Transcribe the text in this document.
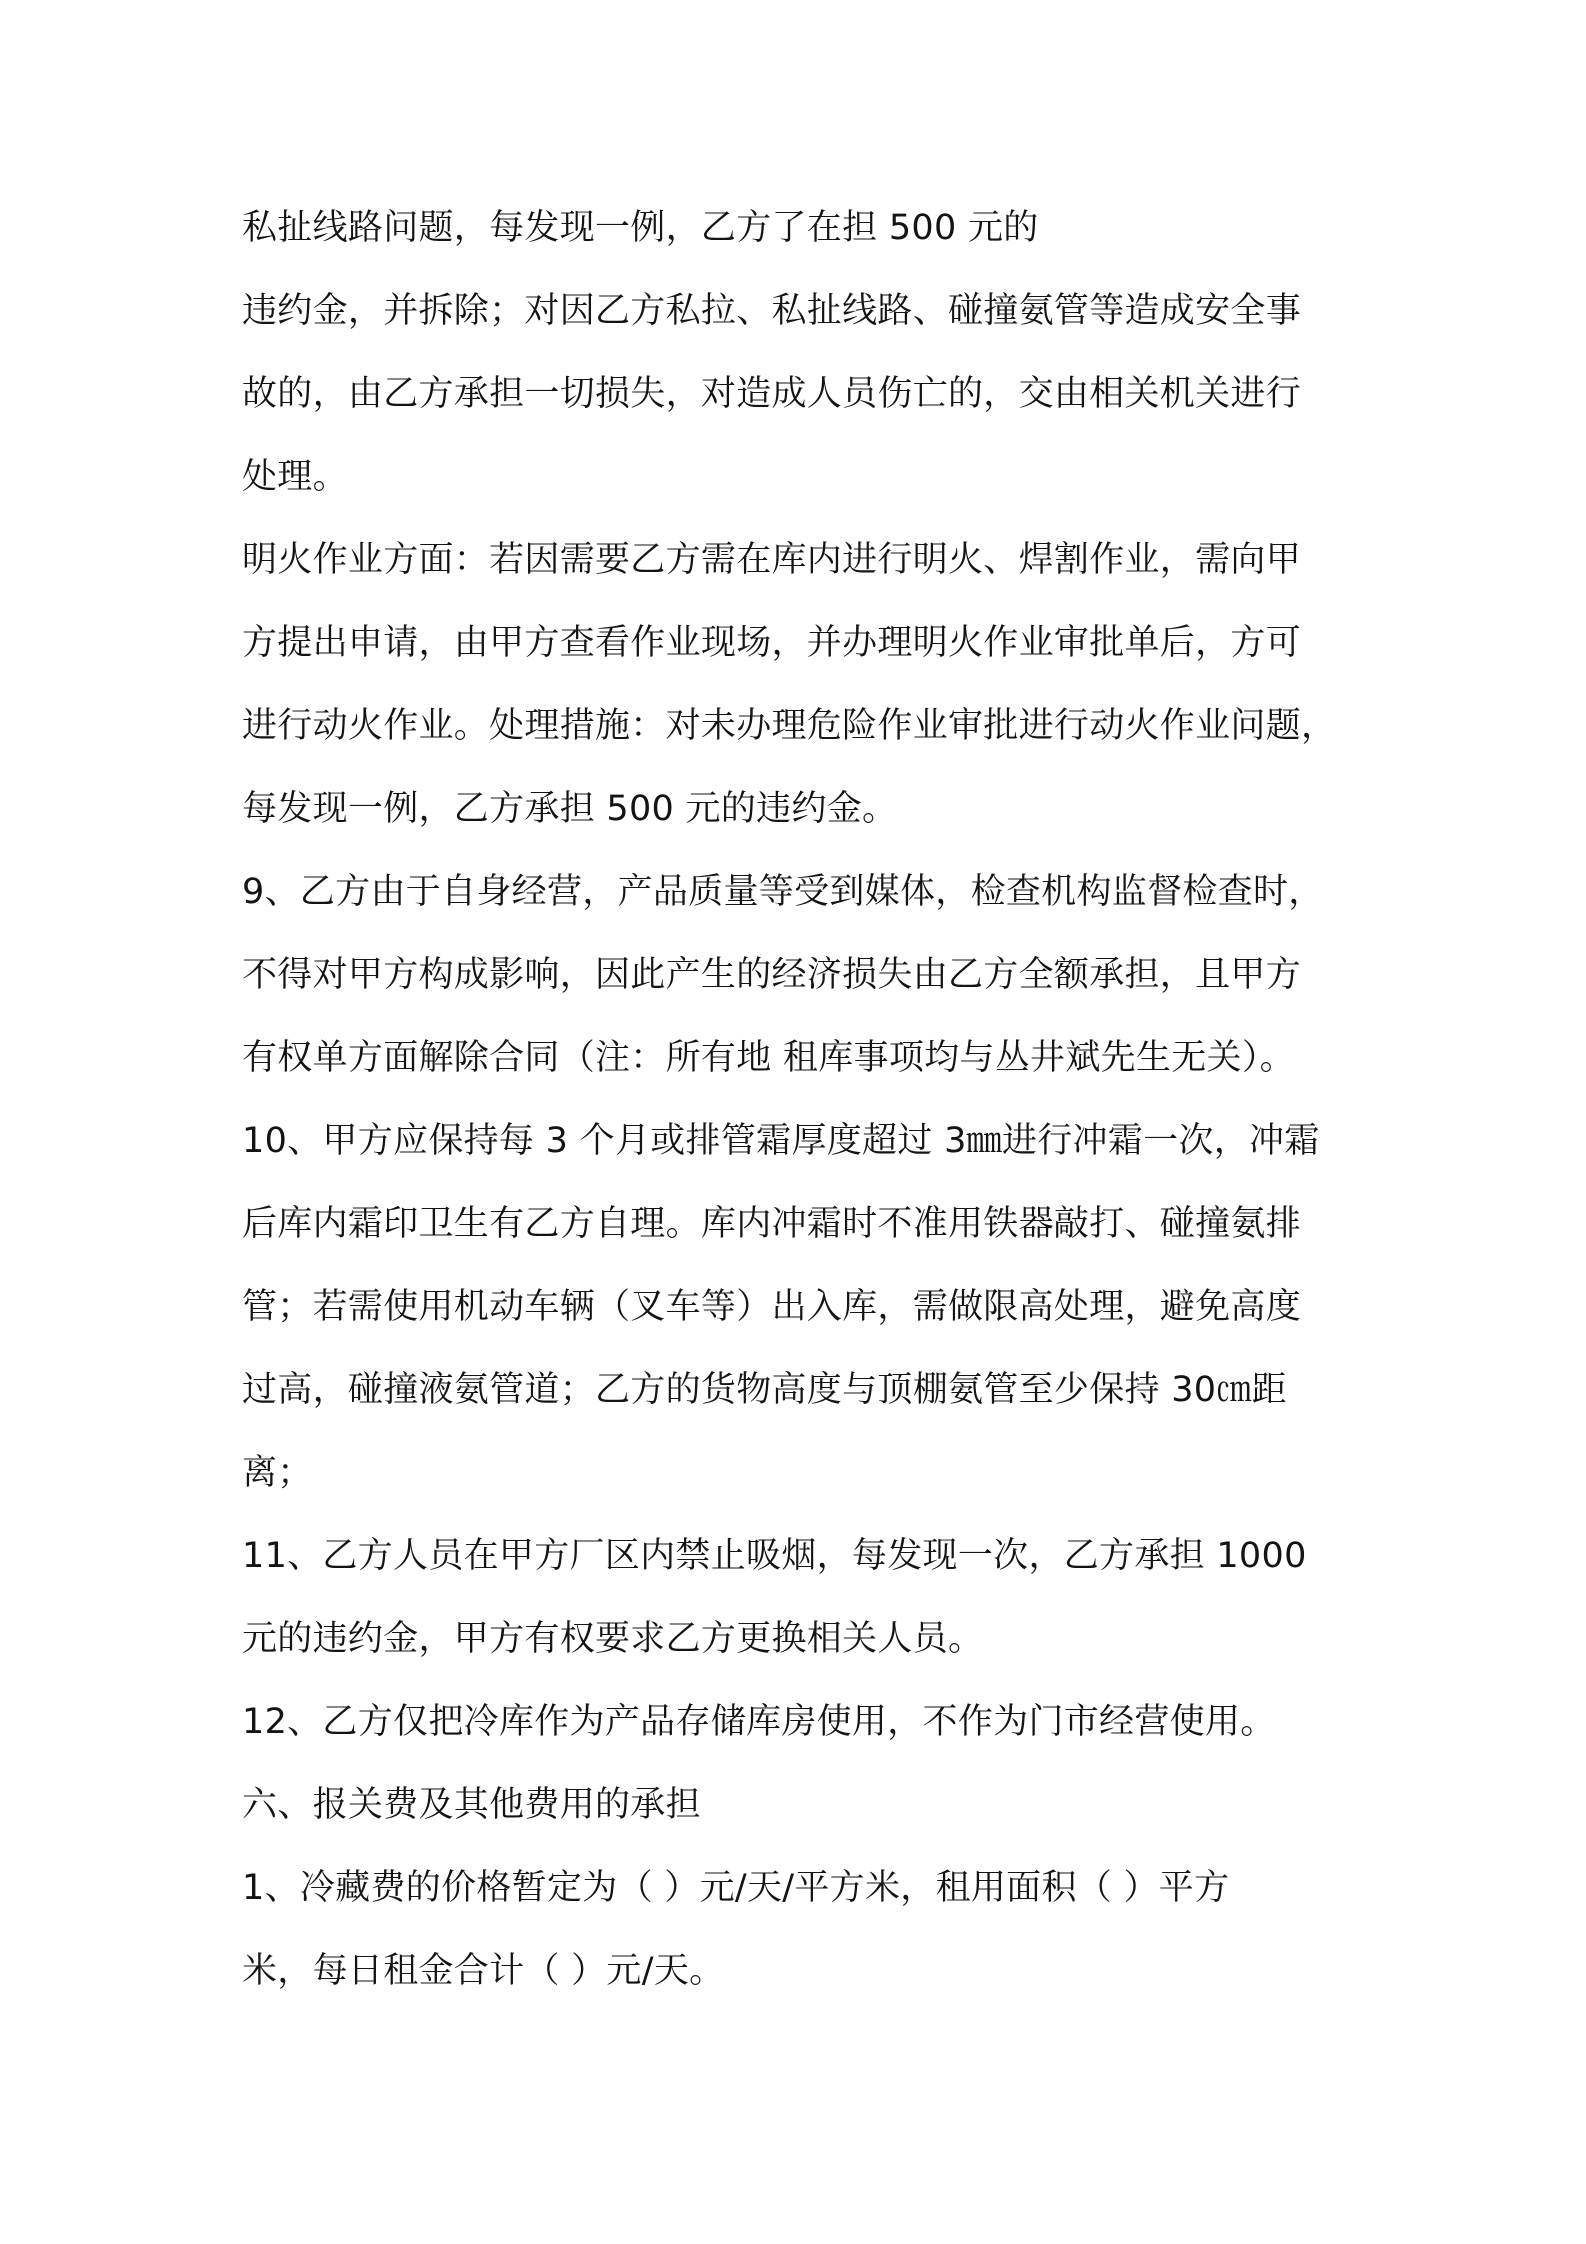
私扯线路问题，每发现一例，乙方了在担 500 元的

违约金，并拆除；对因乙方私拉、私扯线路、碰撞氨管等造成安全事

故的，由乙方承担一切损失，对造成人员伤亡的，交由相关机关进行

处理。

明火作业方面：若因需要乙方需在库内进行明火、焊割作业，需向甲

方提出申请，由甲方查看作业现场，并办理明火作业审批单后，方可

进行动火作业。处理措施：对未办理危险作业审批进行动火作业问题，

每发现一例，乙方承担 500 元的违约金。

9、乙方由于自身经营，产品质量等受到媒体，检查机构监督检查时，

不得对甲方构成影响，因此产生的经济损失由乙方全额承担，且甲方

有权单方面解除合同（注：所有地 租库事项均与丛井斌先生无关）。

10、甲方应保持每 3 个月或排管霜厚度超过 3㎜进行冲霜一次，冲霜

后库内霜印卫生有乙方自理。库内冲霜时不准用铁器敲打、碰撞氨排

管；若需使用机动车辆（叉车等）出入库，需做限高处理，避免高度

过高，碰撞液氨管道；乙方的货物高度与顶棚氨管至少保持 30㎝距

离；

11、乙方人员在甲方厂区内禁止吸烟，每发现一次，乙方承担 1000

元的违约金，甲方有权要求乙方更换相关人员。

12、乙方仅把冷库作为产品存储库房使用，不作为门市经营使用。

六、报关费及其他费用的承担

1、冷藏费的价格暂定为（ ）元/天/平方米，租用面积（ ）平方

米，每日租金合计（ ）元/天。
